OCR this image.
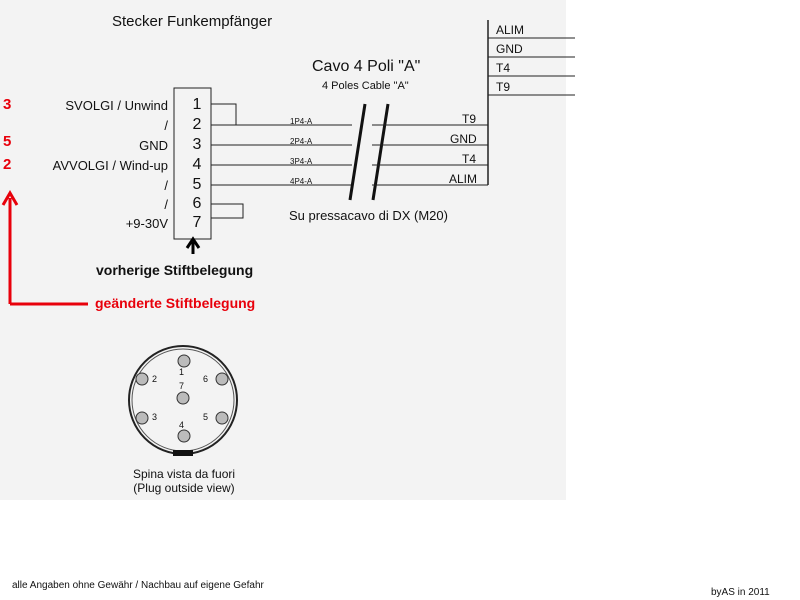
Stecker Funkempfänger
Cavo 4 Poli "A"
4 Poles Cable "A"
SVOLGI / Unwind
/
GND
AVVOLGI / Wind-up
/
/
+9-30V
1
2
3
4
5
6
7
3
5
2
1P4-A
2P4-A
3P4-A
4P4-A
T9
GND
T4
ALIM
ALIM
GND
T4
T9
Su pressacavo di DX (M20)
vorherige Stiftbelegung
geänderte Stiftbelegung
1
2
3
4
5
6
7
Spina vista da fuori
(Plug outside view)
alle Angaben ohne Gewähr / Nachbau auf eigene Gefahr
byAS in 2011
